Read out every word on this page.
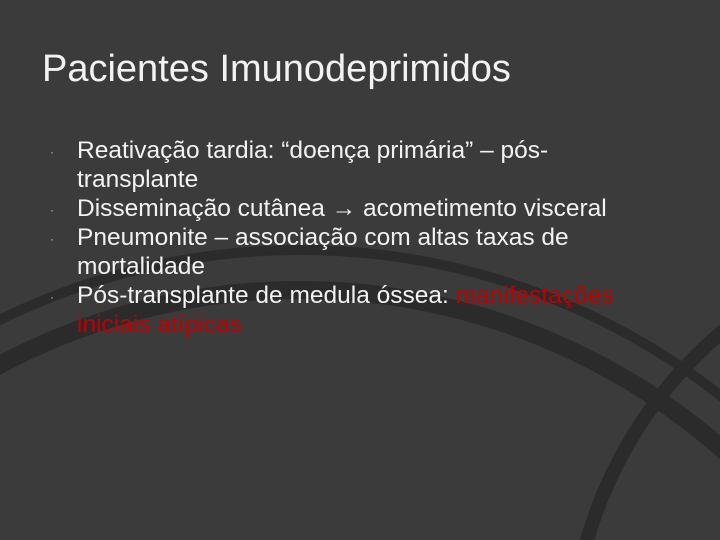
Pacientes Imunodeprimidos
· Reativação tardia: “doença primária” – pós-transplante
· Disseminação cutânea → acometimento visceral
· Pneumonite – associação com altas taxas de mortalidade
· Pós-transplante de medula óssea: manifestações iniciais atípicas
